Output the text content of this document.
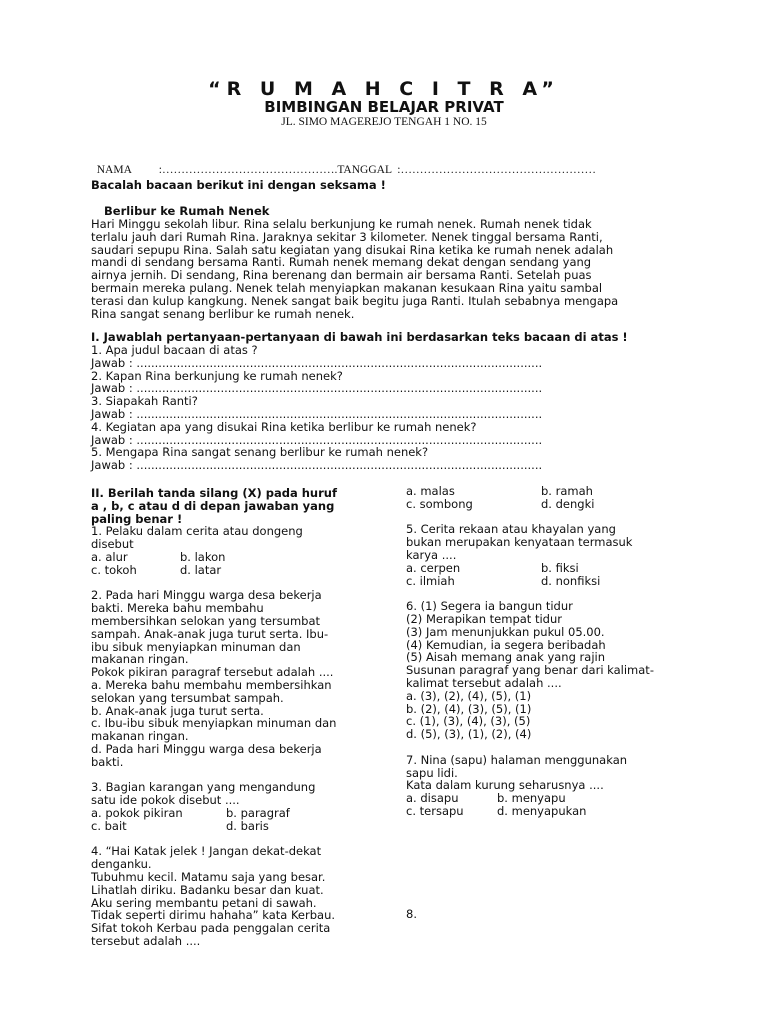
“R U M A H C I T R A”
BIMBINGAN BELAJAR PRIVAT
JL. SIMO MAGEREJO TENGAH 1 NO. 15

NAMA :……………………………………….TANGGAL  :……………………………………………

Bacalah bacaan berikut ini dengan seksama !
Berlibur ke Rumah Nenek
Hari Minggu sekolah libur. Rina selalu berkunjung ke rumah nenek. Rumah nenek tidak
terlalu jauh dari Rumah Rina. Jaraknya sekitar 3 kilometer. Nenek tinggal bersama Ranti,
saudari sepupu Rina. Salah satu kegiatan yang disukai Rina ketika ke rumah nenek adalah
mandi di sendang bersama Ranti. Rumah nenek memang dekat dengan sendang yang
airnya jernih. Di sendang, Rina berenang dan bermain air bersama Ranti. Setelah puas
bermain mereka pulang. Nenek telah menyiapkan makanan kesukaan Rina yaitu sambal
terasi dan kulup kangkung. Nenek sangat baik begitu juga Ranti. Itulah sebabnya mengapa
Rina sangat senang berlibur ke rumah nenek.
I. Jawablah pertanyaan-pertanyaan di bawah ini berdasarkan teks bacaan di atas !
1. Apa judul bacaan di atas ?
Jawab : ...............................................................................................................
2. Kapan Rina berkunjung ke rumah nenek?
Jawab : ...............................................................................................................
3. Siapakah Ranti?
Jawab : ...............................................................................................................
4. Kegiatan apa yang disukai Rina ketika berlibur ke rumah nenek?
Jawab : ...............................................................................................................
5. Mengapa Rina sangat senang berlibur ke rumah nenek?
Jawab : ...............................................................................................................
II. Berilah tanda silang (X) pada huruf
a , b, c atau d di depan jawaban yang
paling benar !
1. Pelaku dalam cerita atau dongeng
disebut
a. alur	b. lakon
c. tokoh	d. latar
2. Pada hari Minggu warga desa bekerja
bakti. Mereka bahu membahu
membersihkan selokan yang tersumbat
sampah. Anak-anak juga turut serta. Ibu-
ibu sibuk menyiapkan minuman dan
makanan ringan.
Pokok pikiran paragraf tersebut adalah ....
a. Mereka bahu membahu membersihkan
selokan yang tersumbat sampah.
b. Anak-anak juga turut serta.
c. Ibu-ibu sibuk menyiapkan minuman dan
makanan ringan.
d. Pada hari Minggu warga desa bekerja
bakti.
3. Bagian karangan yang mengandung
satu ide pokok disebut ....
a. pokok pikiran	b. paragraf
c. bait	d. baris
4. “Hai Katak jelek ! Jangan dekat-dekat
denganku.
Tubuhmu kecil. Matamu saja yang besar.
Lihatlah diriku. Badanku besar dan kuat.
Aku sering membantu petani di sawah.
Tidak seperti dirimu hahaha” kata Kerbau.
Sifat tokoh Kerbau pada penggalan cerita
tersebut adalah ....
a. malas	b. ramah
c. sombong	d. dengki
5. Cerita rekaan atau khayalan yang
bukan merupakan kenyataan termasuk
karya ....
a. cerpen	b. fiksi
c. ilmiah	d. nonfiksi
6. (1) Segera ia bangun tidur
(2) Merapikan tempat tidur
(3) Jam menunjukkan pukul 05.00.
(4) Kemudian, ia segera beribadah
(5) Aisah memang anak yang rajin
Susunan paragraf yang benar dari kalimat-
kalimat tersebut adalah ....
a. (3), (2), (4), (5), (1)
b. (2), (4), (3), (5), (1)
c. (1), (3), (4), (3), (5)
d. (5), (3), (1), (2), (4)
7. Nina (sapu) halaman menggunakan
sapu lidi.
Kata dalam kurung seharusnya ....
a. disapu	b. menyapu
c. tersapu	d. menyapukan
8.
